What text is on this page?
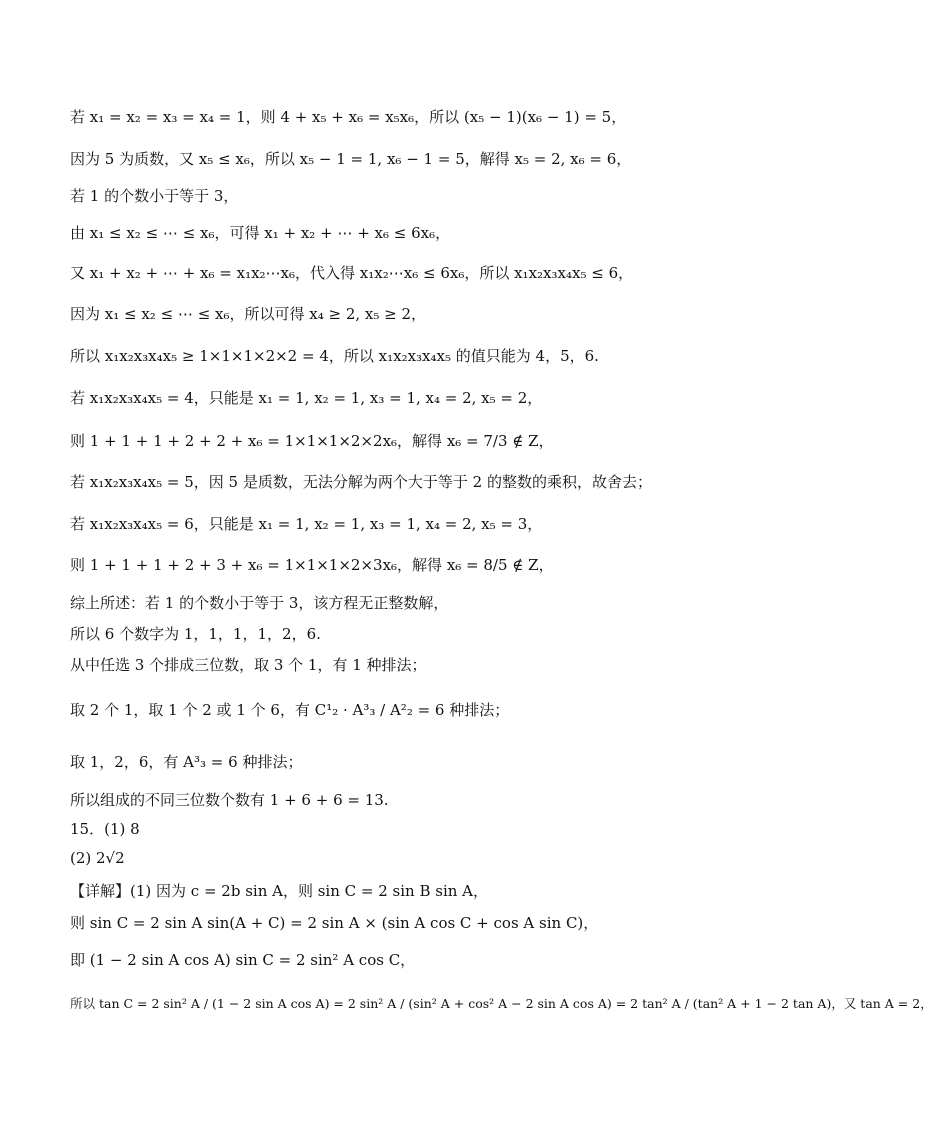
若 x₁ = x₂ = x₃ = x₄ = 1，则 4 + x₅ + x₆ = x₅x₆，所以 (x₅ − 1)(x₆ − 1) = 5，
因为 5 为质数，又 x₅ ≤ x₆，所以 x₅ − 1 = 1, x₆ − 1 = 5，解得 x₅ = 2, x₆ = 6，
若 1 的个数小于等于 3，
由 x₁ ≤ x₂ ≤ ⋯ ≤ x₆，可得 x₁ + x₂ + ⋯ + x₆ ≤ 6x₆，
又 x₁ + x₂ + ⋯ + x₆ = x₁x₂⋯x₆，代入得 x₁x₂⋯x₆ ≤ 6x₆，所以 x₁x₂x₃x₄x₅ ≤ 6，
因为 x₁ ≤ x₂ ≤ ⋯ ≤ x₆，所以可得 x₄ ≥ 2, x₅ ≥ 2，
所以 x₁x₂x₃x₄x₅ ≥ 1×1×1×2×2 = 4，所以 x₁x₂x₃x₄x₅ 的值只能为 4，5，6.
若 x₁x₂x₃x₄x₅ = 4，只能是 x₁ = 1, x₂ = 1, x₃ = 1, x₄ = 2, x₅ = 2，
则 1 + 1 + 1 + 2 + 2 + x₆ = 1×1×1×2×2x₆，解得 x₆ = 7/3 ∉ Z，
若 x₁x₂x₃x₄x₅ = 5，因 5 是质数，无法分解为两个大于等于 2 的整数的乘积，故舍去；
若 x₁x₂x₃x₄x₅ = 6，只能是 x₁ = 1, x₂ = 1, x₃ = 1, x₄ = 2, x₅ = 3，
则 1 + 1 + 1 + 2 + 3 + x₆ = 1×1×1×2×3x₆，解得 x₆ = 8/5 ∉ Z，
综上所述：若 1 的个数小于等于 3，该方程无正整数解，
所以 6 个数字为 1，1，1，1，2，6.
从中任选 3 个排成三位数，取 3 个 1，有 1 种排法；
取 2 个 1，取 1 个 2 或 1 个 6，有 C¹₂ · A³₃ / A²₂ = 6 种排法；
取 1，2，6，有 A³₃ = 6 种排法；
所以组成的不同三位数个数有 1 + 6 + 6 = 13.
15．(1) 8
(2) 2√2
【详解】(1) 因为 c = 2b sin A，则 sin C = 2 sin B sin A，
则 sin C = 2 sin A sin(A + C) = 2 sin A × (sin A cos C + cos A sin C)，
即 (1 − 2 sin A cos A) sin C = 2 sin² A cos C，
所以 tan C = 2 sin² A / (1 − 2 sin A cos A) = 2 sin² A / (sin² A + cos² A − 2 sin A cos A) = 2 tan² A / (tan² A + 1 − 2 tan A)，又 tan A = 2，
